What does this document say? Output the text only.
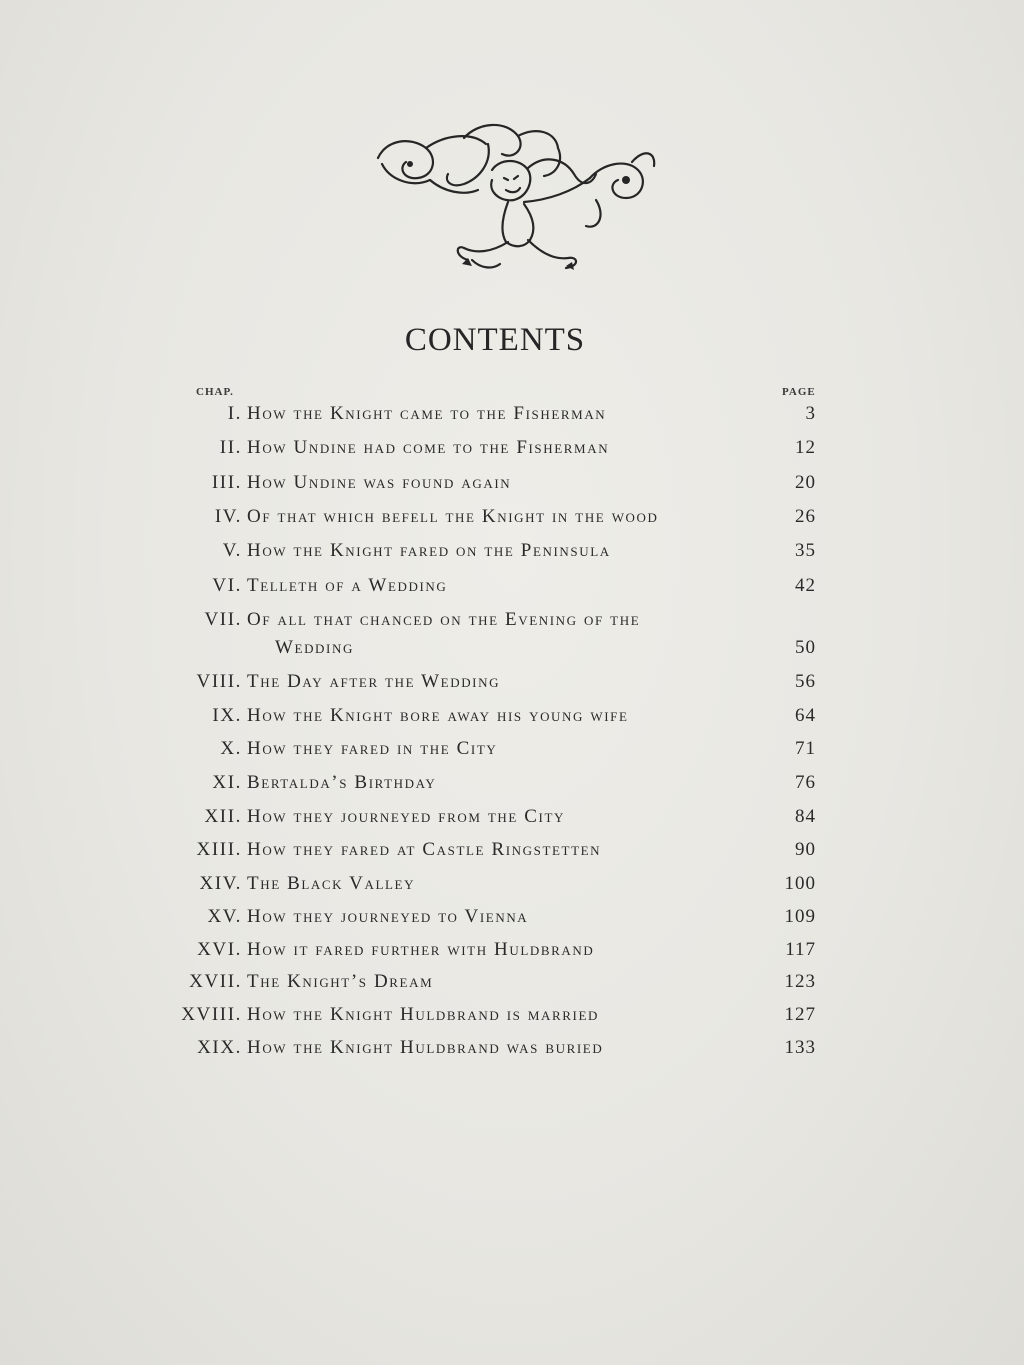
CONTENTS
CHAP.	PAGE
I. How the Knight came to the Fisherman	3
II. How Undine had come to the Fisherman	12
III. How Undine was found again	20
IV. Of that which befell the Knight in the wood	26
V. How the Knight fared on the Peninsula	35
VI. Telleth of a Wedding	42
VII. Of all that chanced on the Evening of the
Wedding	50
VIII. The Day after the Wedding	56
IX. How the Knight bore away his young wife	64
X. How they fared in the City	71
XI. Bertalda’s Birthday	76
XII. How they journeyed from the City	84
XIII. How they fared at Castle Ringstetten	90
XIV. The Black Valley	100
XV. How they journeyed to Vienna	109
XVI. How it fared further with Huldbrand	117
XVII. The Knight’s Dream	123
XVIII. How the Knight Huldbrand is married	127
XIX. How the Knight Huldbrand was buried	133
